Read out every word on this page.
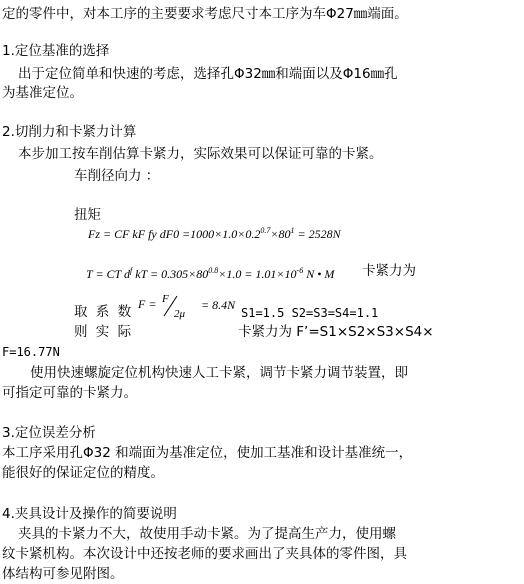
定的零件中，对本工序的主要要求考虑尺寸本工序为车Φ27㎜端面。
1.定位基准的选择
出于定位简单和快速的考虑，选择孔Φ32㎜和端面以及Φ16㎜孔
为基准定位。
2.切削力和卡紧力计算
本步加工按车削估算卡紧力，实际效果可以保证可靠的卡紧。
车削径向力 ：
扭矩
Fz = CF kF fy $dF0 =1000\times 1.0\times 0.2^{0.7}\times 80^1 = 2528N$
T = CT $d^f$ kT = $0.305\times 80^{0.8}\times 1.0 = 1.01\times 10^{-6}$ N • M 卡紧力为
取 系 数 F = F
2μ
= 8.4N
S1=1.5 S2=S3=S4=1.1
则 实 际	卡紧力为 F’=S1×S2×S3×S4×
F=16.77N
使用快速螺旋定位机构快速人工卡紧，调节卡紧力调节装置，即
可指定可靠的卡紧力。
3.定位误差分析
本工序采用孔Φ32 和端面为基准定位，使加工基准和设计基准统一，
能很好的保证定位的精度。
4.夹具设计及操作的简要说明
夹具的卡紧力不大，故使用手动卡紧。为了提高生产力，使用螺
纹卡紧机构。本次设计中还按老师的要求画出了夹具体的零件图，具
体结构可参见附图。
